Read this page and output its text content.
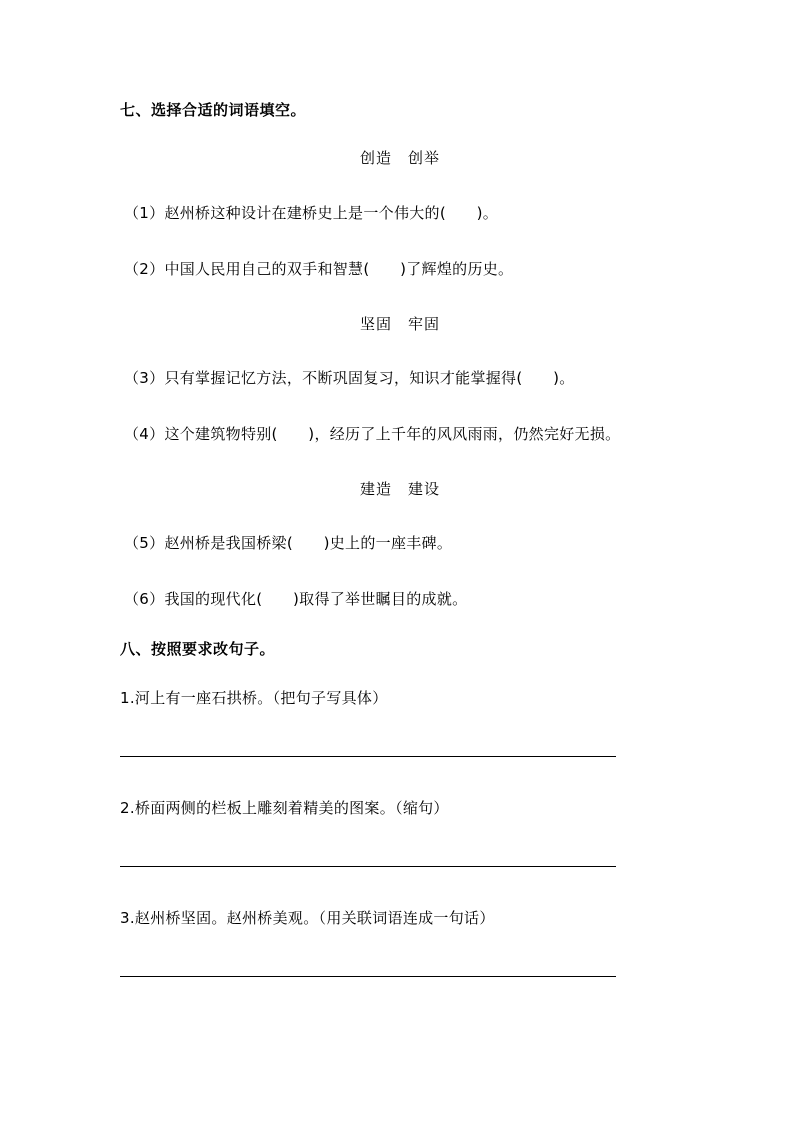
七、选择合适的词语填空。
创造　创举
（1）赵州桥这种设计在建桥史上是一个伟大的(　　)。
（2）中国人民用自己的双手和智慧(　　)了辉煌的历史。
坚固　牢固
（3）只有掌握记忆方法，不断巩固复习，知识才能掌握得(　　)。
（4）这个建筑物特别(　　)，经历了上千年的风风雨雨，仍然完好无损。
建造　建设
（5）赵州桥是我国桥梁(　　)史上的一座丰碑。
（6）我国的现代化(　　)取得了举世瞩目的成就。
八、按照要求改句子。
1.河上有一座石拱桥。（把句子写具体）
2.桥面两侧的栏板上雕刻着精美的图案。（缩句）
3.赵州桥坚固。赵州桥美观。（用关联词语连成一句话）
